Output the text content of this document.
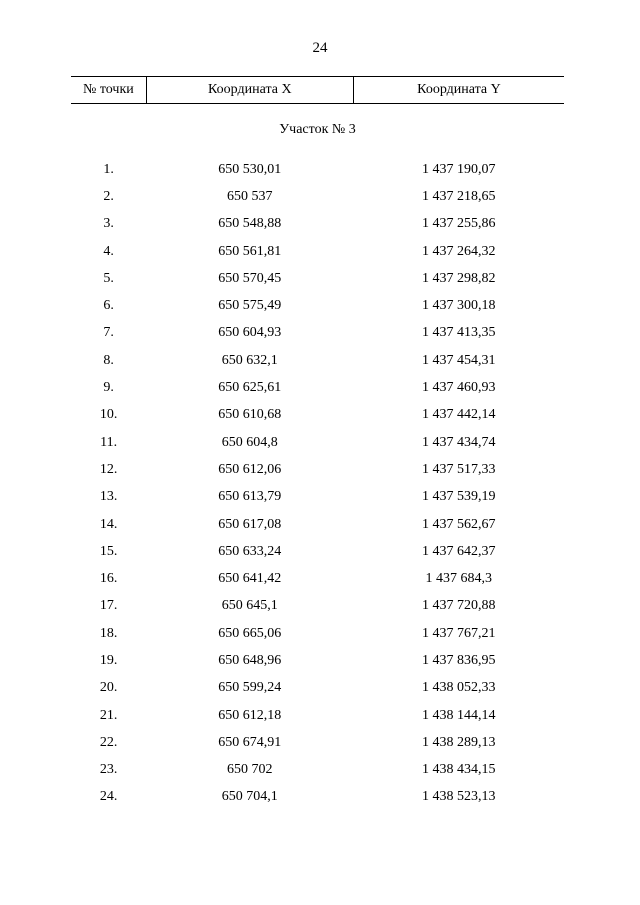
24
№ точки	Координата X	Координата Y
Участок № 3		
1.	650 530,01	1 437 190,07
2.	650 537	1 437 218,65
3.	650 548,88	1 437 255,86
4.	650 561,81	1 437 264,32
5.	650 570,45	1 437 298,82
6.	650 575,49	1 437 300,18
7.	650 604,93	1 437 413,35
8.	650 632,1	1 437 454,31
9.	650 625,61	1 437 460,93
10.	650 610,68	1 437 442,14
11.	650 604,8	1 437 434,74
12.	650 612,06	1 437 517,33
13.	650 613,79	1 437 539,19
14.	650 617,08	1 437 562,67
15.	650 633,24	1 437 642,37
16.	650 641,42	1 437 684,3
17.	650 645,1	1 437 720,88
18.	650 665,06	1 437 767,21
19.	650 648,96	1 437 836,95
20.	650 599,24	1 438 052,33
21.	650 612,18	1 438 144,14
22.	650 674,91	1 438 289,13
23.	650 702	1 438 434,15
24.	650 704,1	1 438 523,13
